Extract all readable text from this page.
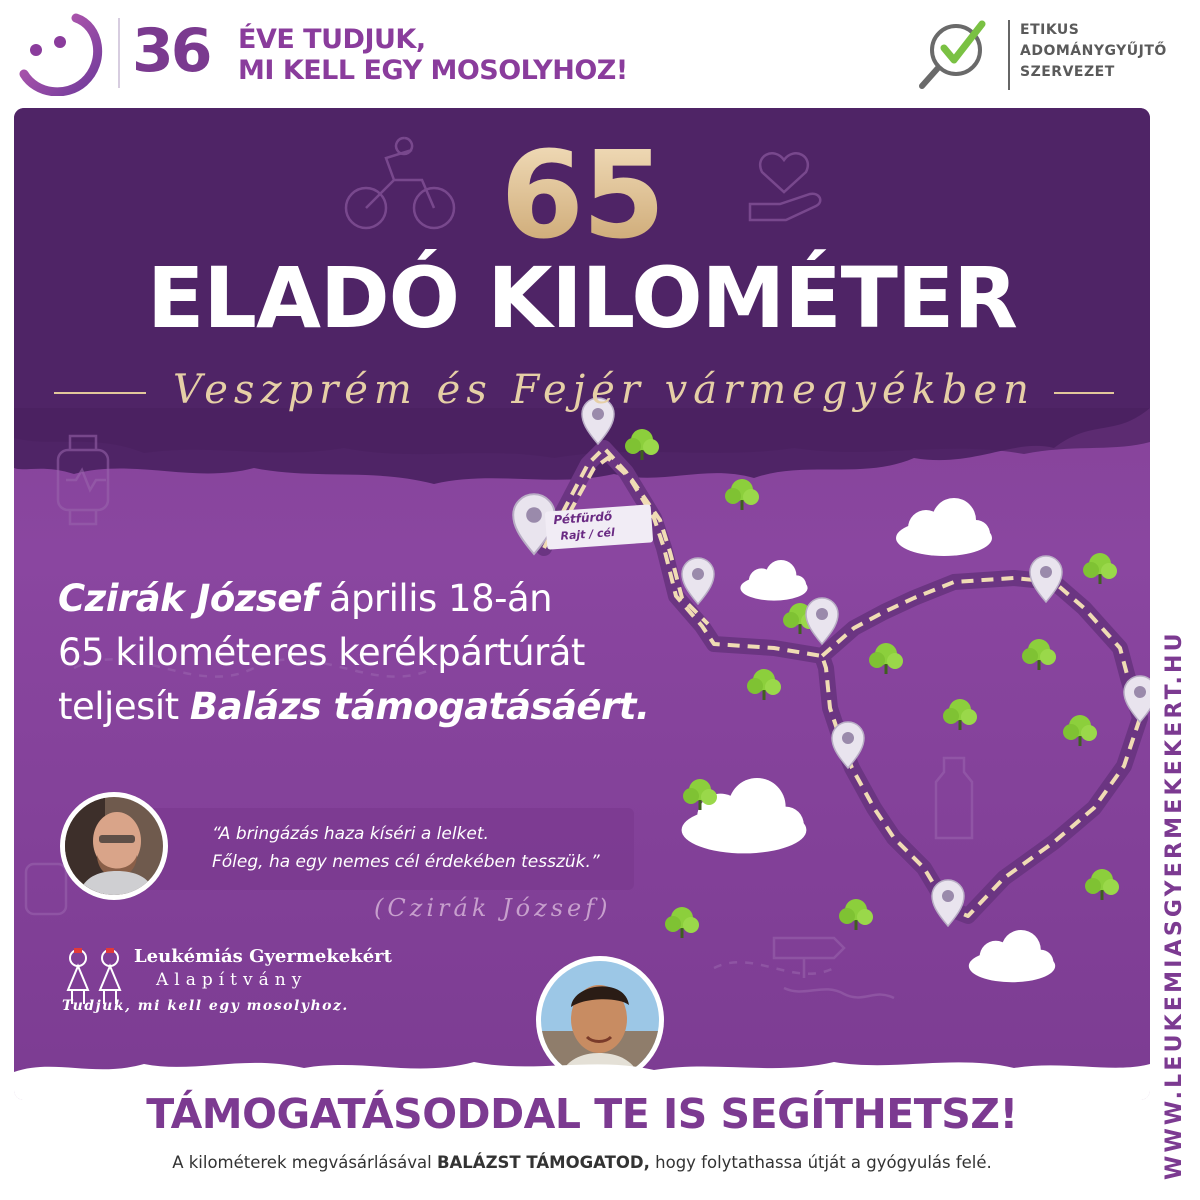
36 ÉVE TUDJUK,
MI KELL EGY MOSOLYHOZ!
ETIKUS
ADOMÁNYGYŰJTŐ
SZERVEZET
Pétfürdő
Rajt / cél
65
ELADÓ KILOMÉTER
Veszprém és Fejér vármegyékben
Czirák József április 18-án
65 kilométeres kerékpártúrát
teljesít Balázs támogatásáért.
“A bringázás haza kíséri a lelket.
Főleg, ha egy nemes cél érdekében tesszük.”
(Czirák József)
Leukémiás Gyermekekért
Alapítvány
Tudjuk, mi kell egy mosolyhoz.
TÁMOGATÁSODDAL TE IS SEGÍTHETSZ!
A kilométerek megvásárlásával BALÁZST TÁMOGATOD, hogy folytathassa útját a gyógyulás felé.	WWW.LEUKEMIASGYERMEKEKERT.HU
